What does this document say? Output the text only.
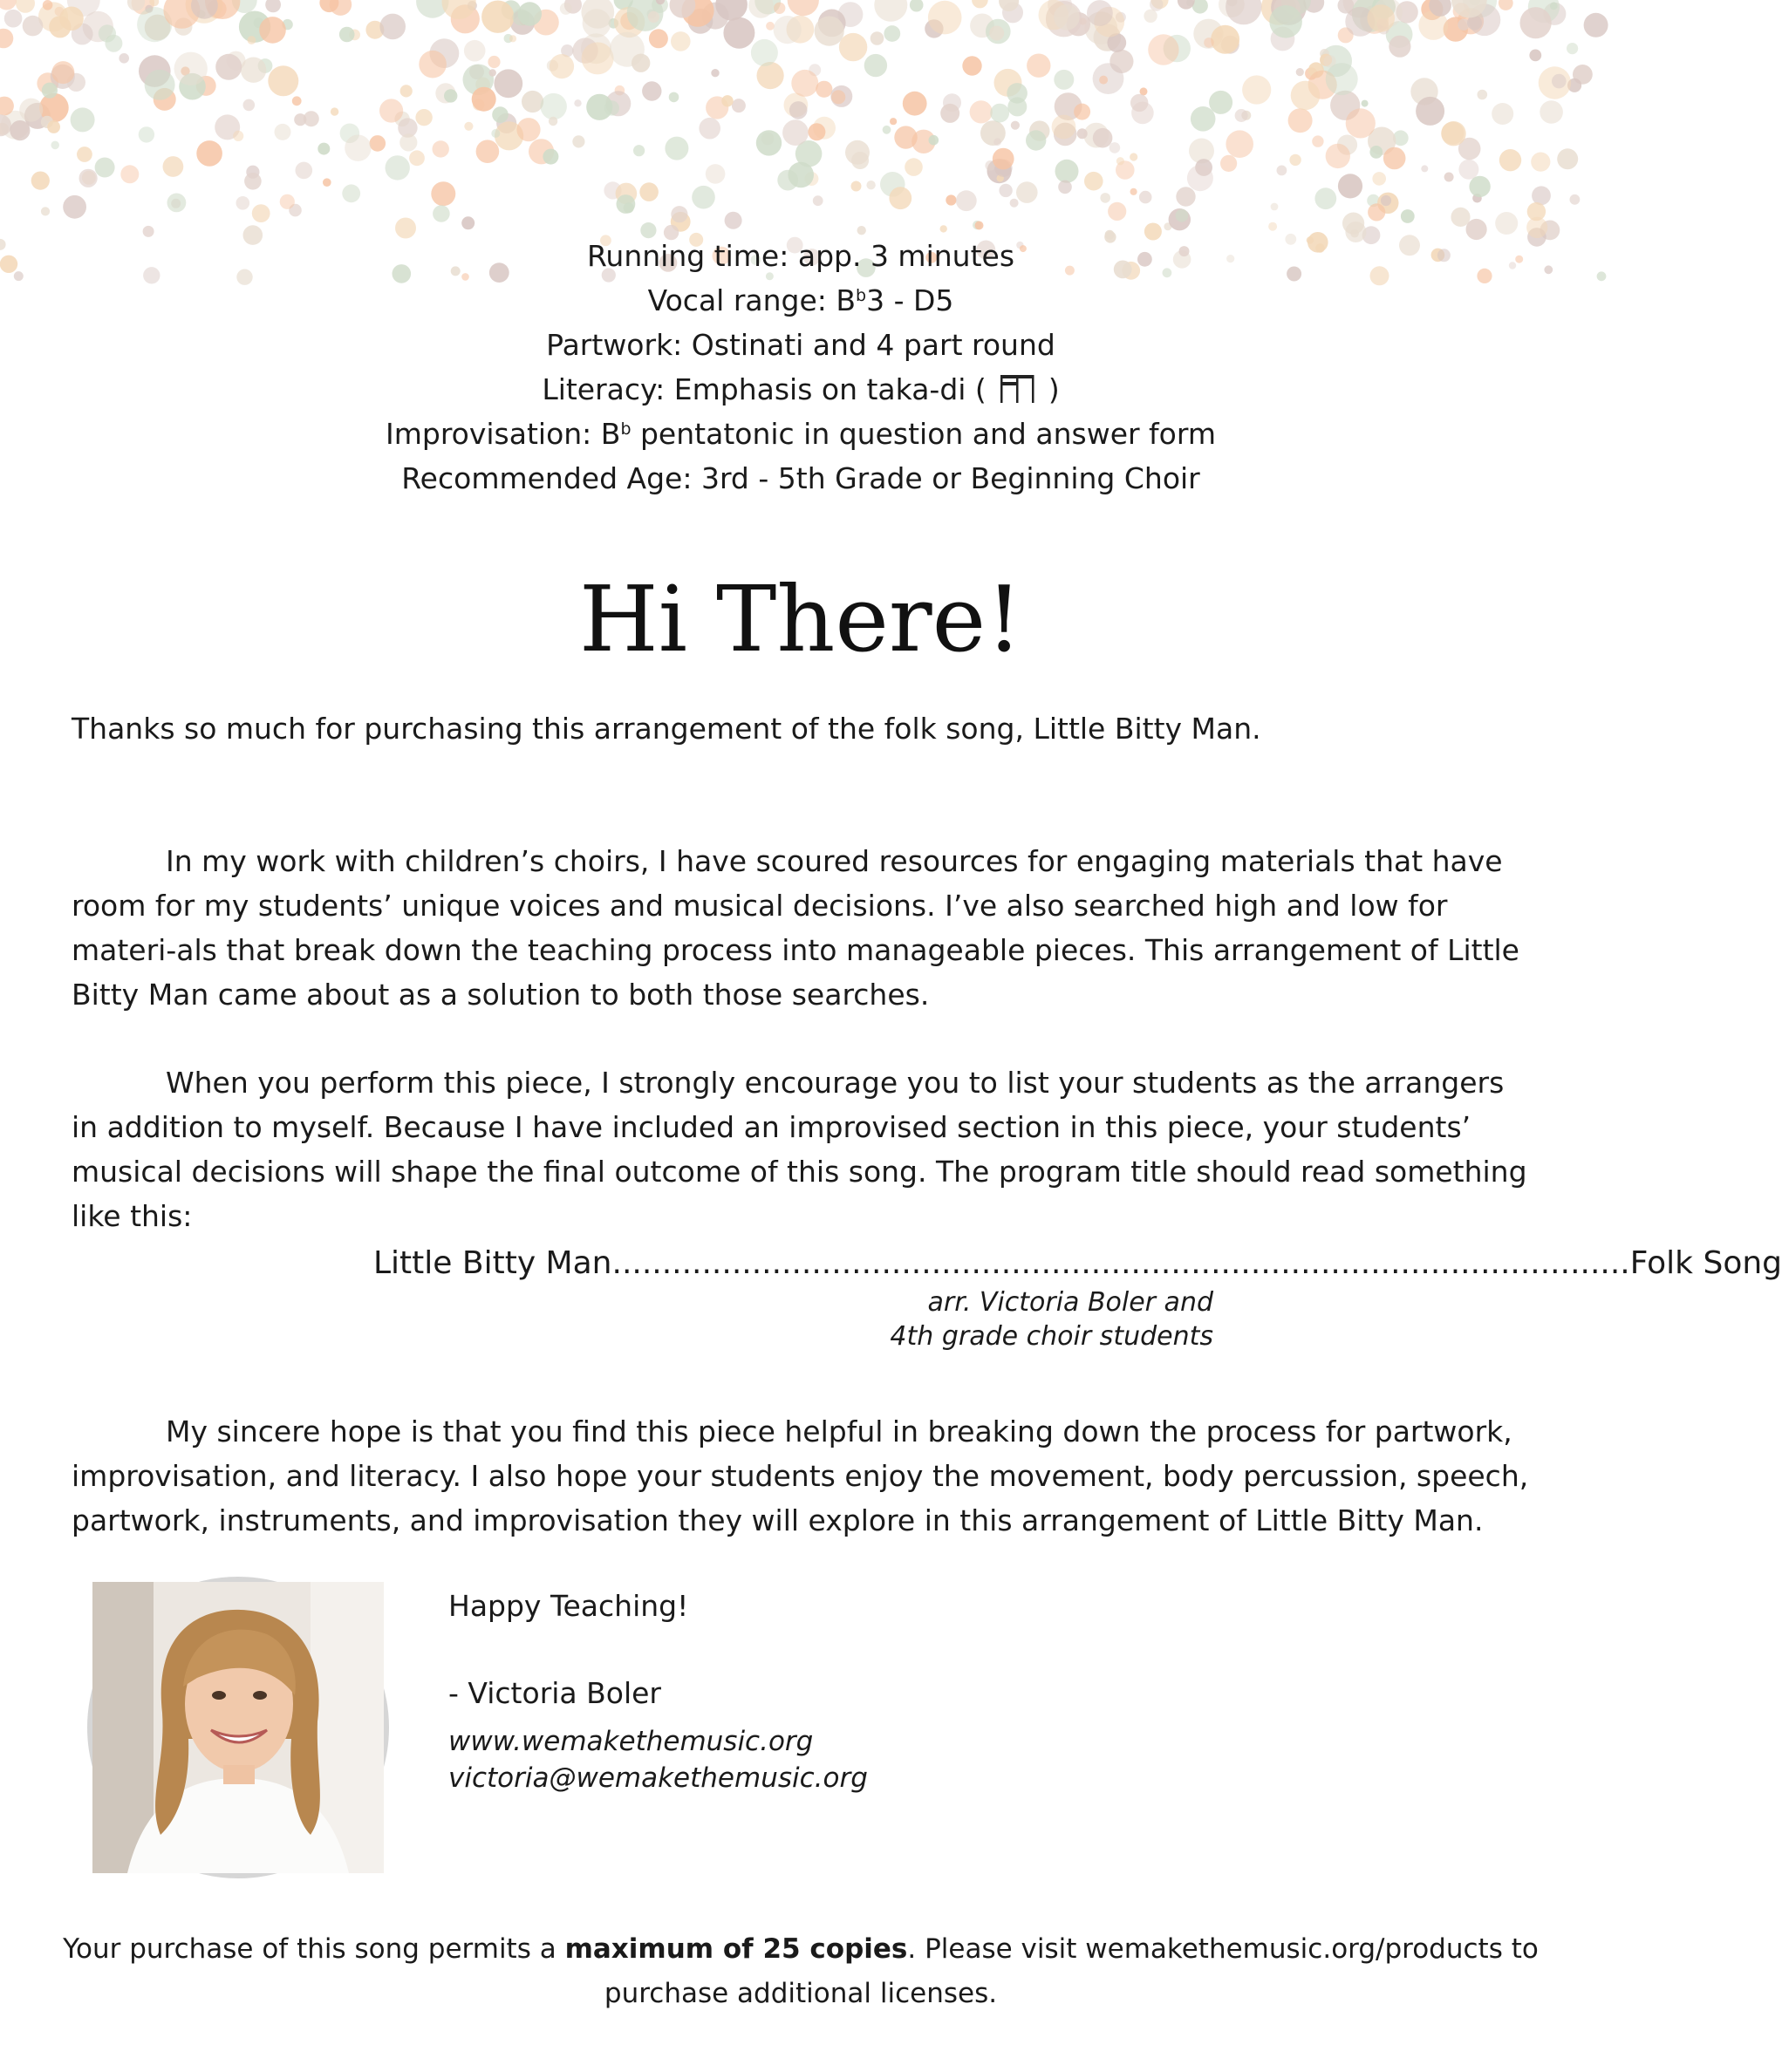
Running time: app. 3 minutes
Vocal range: $B^b3 - D5$
Partwork: Ostinati and 4 part round
Literacy: Emphasis on taka-di ( )
Improvisation: $B^b$ pentatonic in question and answer form
Recommended Age: 3rd - 5th Grade or Beginning Choir
Hi There!

Thanks so much for purchasing this arrangement of the folk song, Little Bitty Man.

In my work with children’s choirs, I have scoured resources for engaging materials that have room for my students’ unique voices and musical decisions. I’ve also searched high and low for materi-als that break down the teaching process into manageable pieces. This arrangement of Little Bitty Man came about as a solution to both those searches.

When you perform this piece, I strongly encourage you to list your students as the arrangers in addition to myself. Because I have included an improvised section in this piece, your students’ musical decisions will shape the final outcome of this song. The program title should read something like this:

Little Bitty Man ...................................................................................................... Folk Song
arr. Victoria Boler and
4th grade choir students

My sincere hope is that you find this piece helpful in breaking down the process for partwork, improvisation, and literacy. I also hope your students enjoy the movement, body percussion, speech, partwork, instruments, and improvisation they will explore in this arrangement of Little Bitty Man.

Happy Teaching!
- Victoria Boler
www.wemakethemusic.org
victoria@wemakethemusic.org
Your purchase of this song permits a maximum of 25 copies. Please visit wemakethemusic.org/products to purchase additional licenses.
